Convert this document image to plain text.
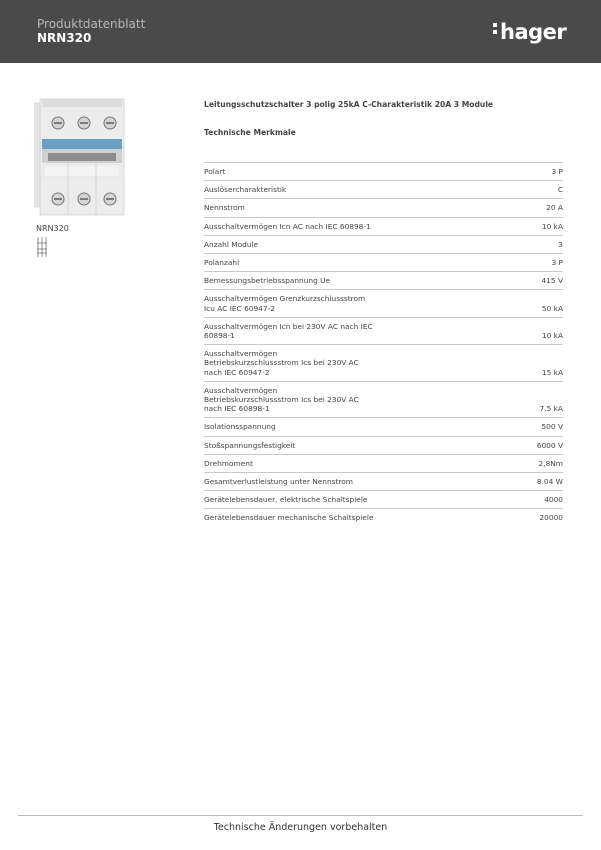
Produktdatenblatt
NRN320	hager
NRN320
Leitungsschutzschalter 3 polig 25kA C-Charakteristik 20A 3 Module
Technische Merkmale
Polart	3 P
Auslösercharakteristik	C
Nennstrom	20 A
Ausschaltvermögen Icn AC nach IEC 60898-1	10 kA
Anzahl Module	3
Polanzahl	3 P
Bemessungsbetriebsspannung Ue	415 V
Ausschaltvermögen Grenzkurzschlussstrom Icu AC IEC 60947-2	50 kA
Ausschaltvermögen Icn bei 230V AC nach IEC 60898-1	10 kA
Ausschaltvermögen Betriebskurzschlussstrom Ics bei 230V AC nach IEC 60947-2	15 kA
Ausschaltvermögen Betriebskurzschlussstrom Ics bei 230V AC nach IEC 60898-1	7.5 kA
Isolationsspannung	500 V
Stoßspannungsfestigkeit	6000 V
Drehmoment	2,8Nm
Gesamtverlustleistung unter Nennstrom	8.04 W
Gerätelebensdauer, elektrische Schaltspiele	4000
Gerätelebensdauer mechanische Schaltspiele	20000
Technische Änderungen vorbehalten
